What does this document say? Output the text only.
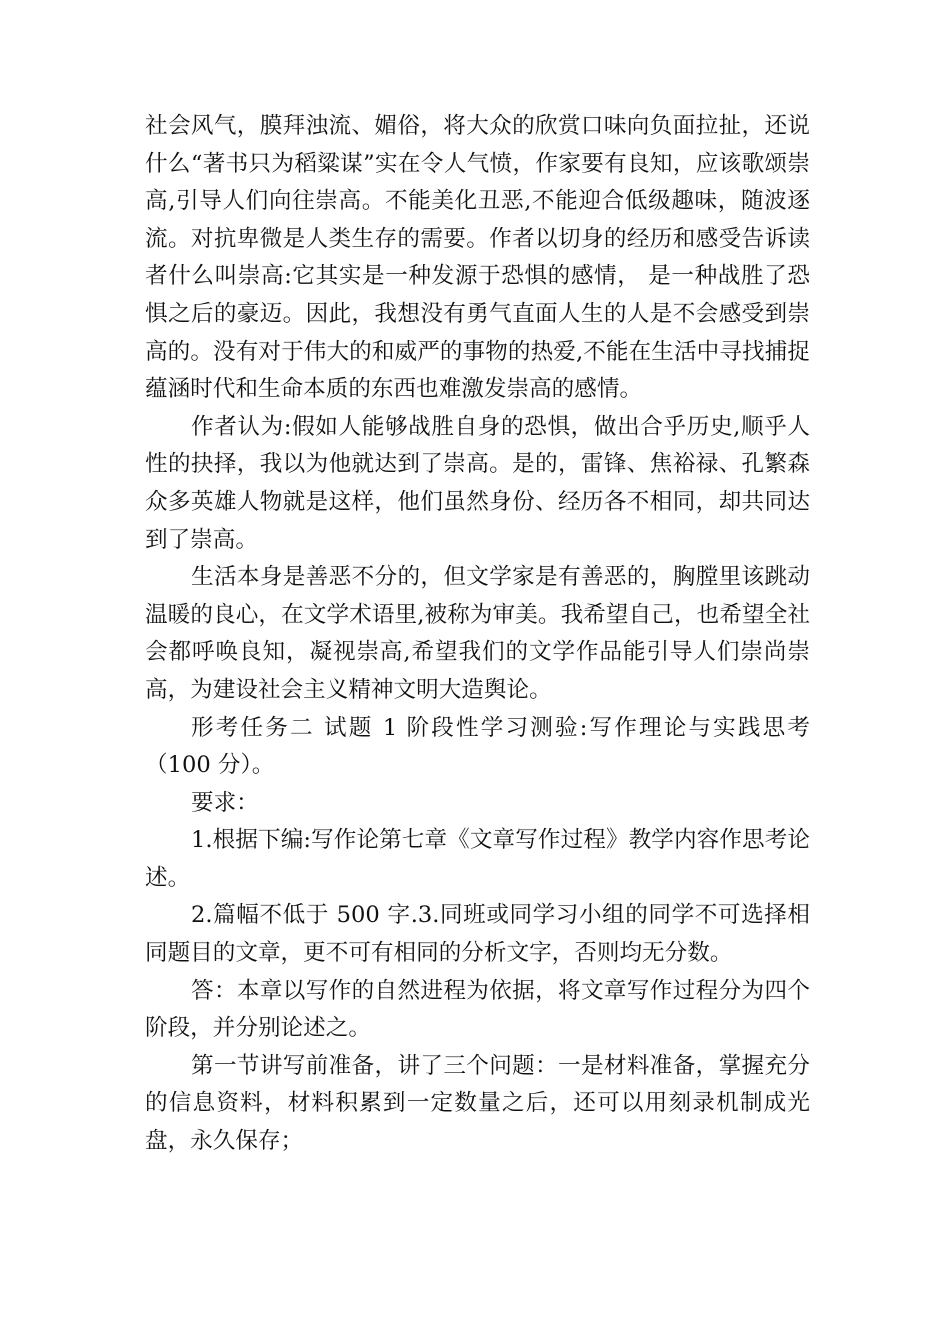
社会风气，膜拜浊流、媚俗，将大众的欣赏口味向负面拉扯，还说什么“著书只为稻粱谋”实在令人气愤，作家要有良知，应该歌颂崇高,引导人们向往崇高。不能美化丑恶,不能迎合低级趣味，随波逐流。对抗卑微是人类生存的需要。作者以切身的经历和感受告诉读者什么叫崇高:它其实是一种发源于恐惧的感情， 是一种战胜了恐惧之后的豪迈。因此，我想没有勇气直面人生的人是不会感受到崇高的。没有对于伟大的和威严的事物的热爱,不能在生活中寻找捕捉蕴涵时代和生命本质的东西也难激发崇高的感情。

作者认为:假如人能够战胜自身的恐惧，做出合乎历史,顺乎人性的抉择，我以为他就达到了崇高。是的，雷锋、焦裕禄、孔繁森众多英雄人物就是这样，他们虽然身份、经历各不相同，却共同达到了崇高。

生活本身是善恶不分的，但文学家是有善恶的，胸膛里该跳动温暖的良心，在文学术语里,被称为审美。我希望自己，也希望全社会都呼唤良知，凝视崇高,希望我们的文学作品能引导人们崇尚崇高，为建设社会主义精神文明大造舆论。

形考任务二 试题 1 阶段性学习测验:写作理论与实践思考（100 分）。

要求：

1.根据下编:写作论第七章《文章写作过程》教学内容作思考论述。

2.篇幅不低于 500 字.3.同班或同学习小组的同学不可选择相同题目的文章，更不可有相同的分析文字，否则均无分数。

答：本章以写作的自然进程为依据，将文章写作过程分为四个阶段，并分别论述之。

第一节讲写前准备，讲了三个问题：一是材料准备，掌握充分的信息资料，材料积累到一定数量之后，还可以用刻录机制成光盘，永久保存；
